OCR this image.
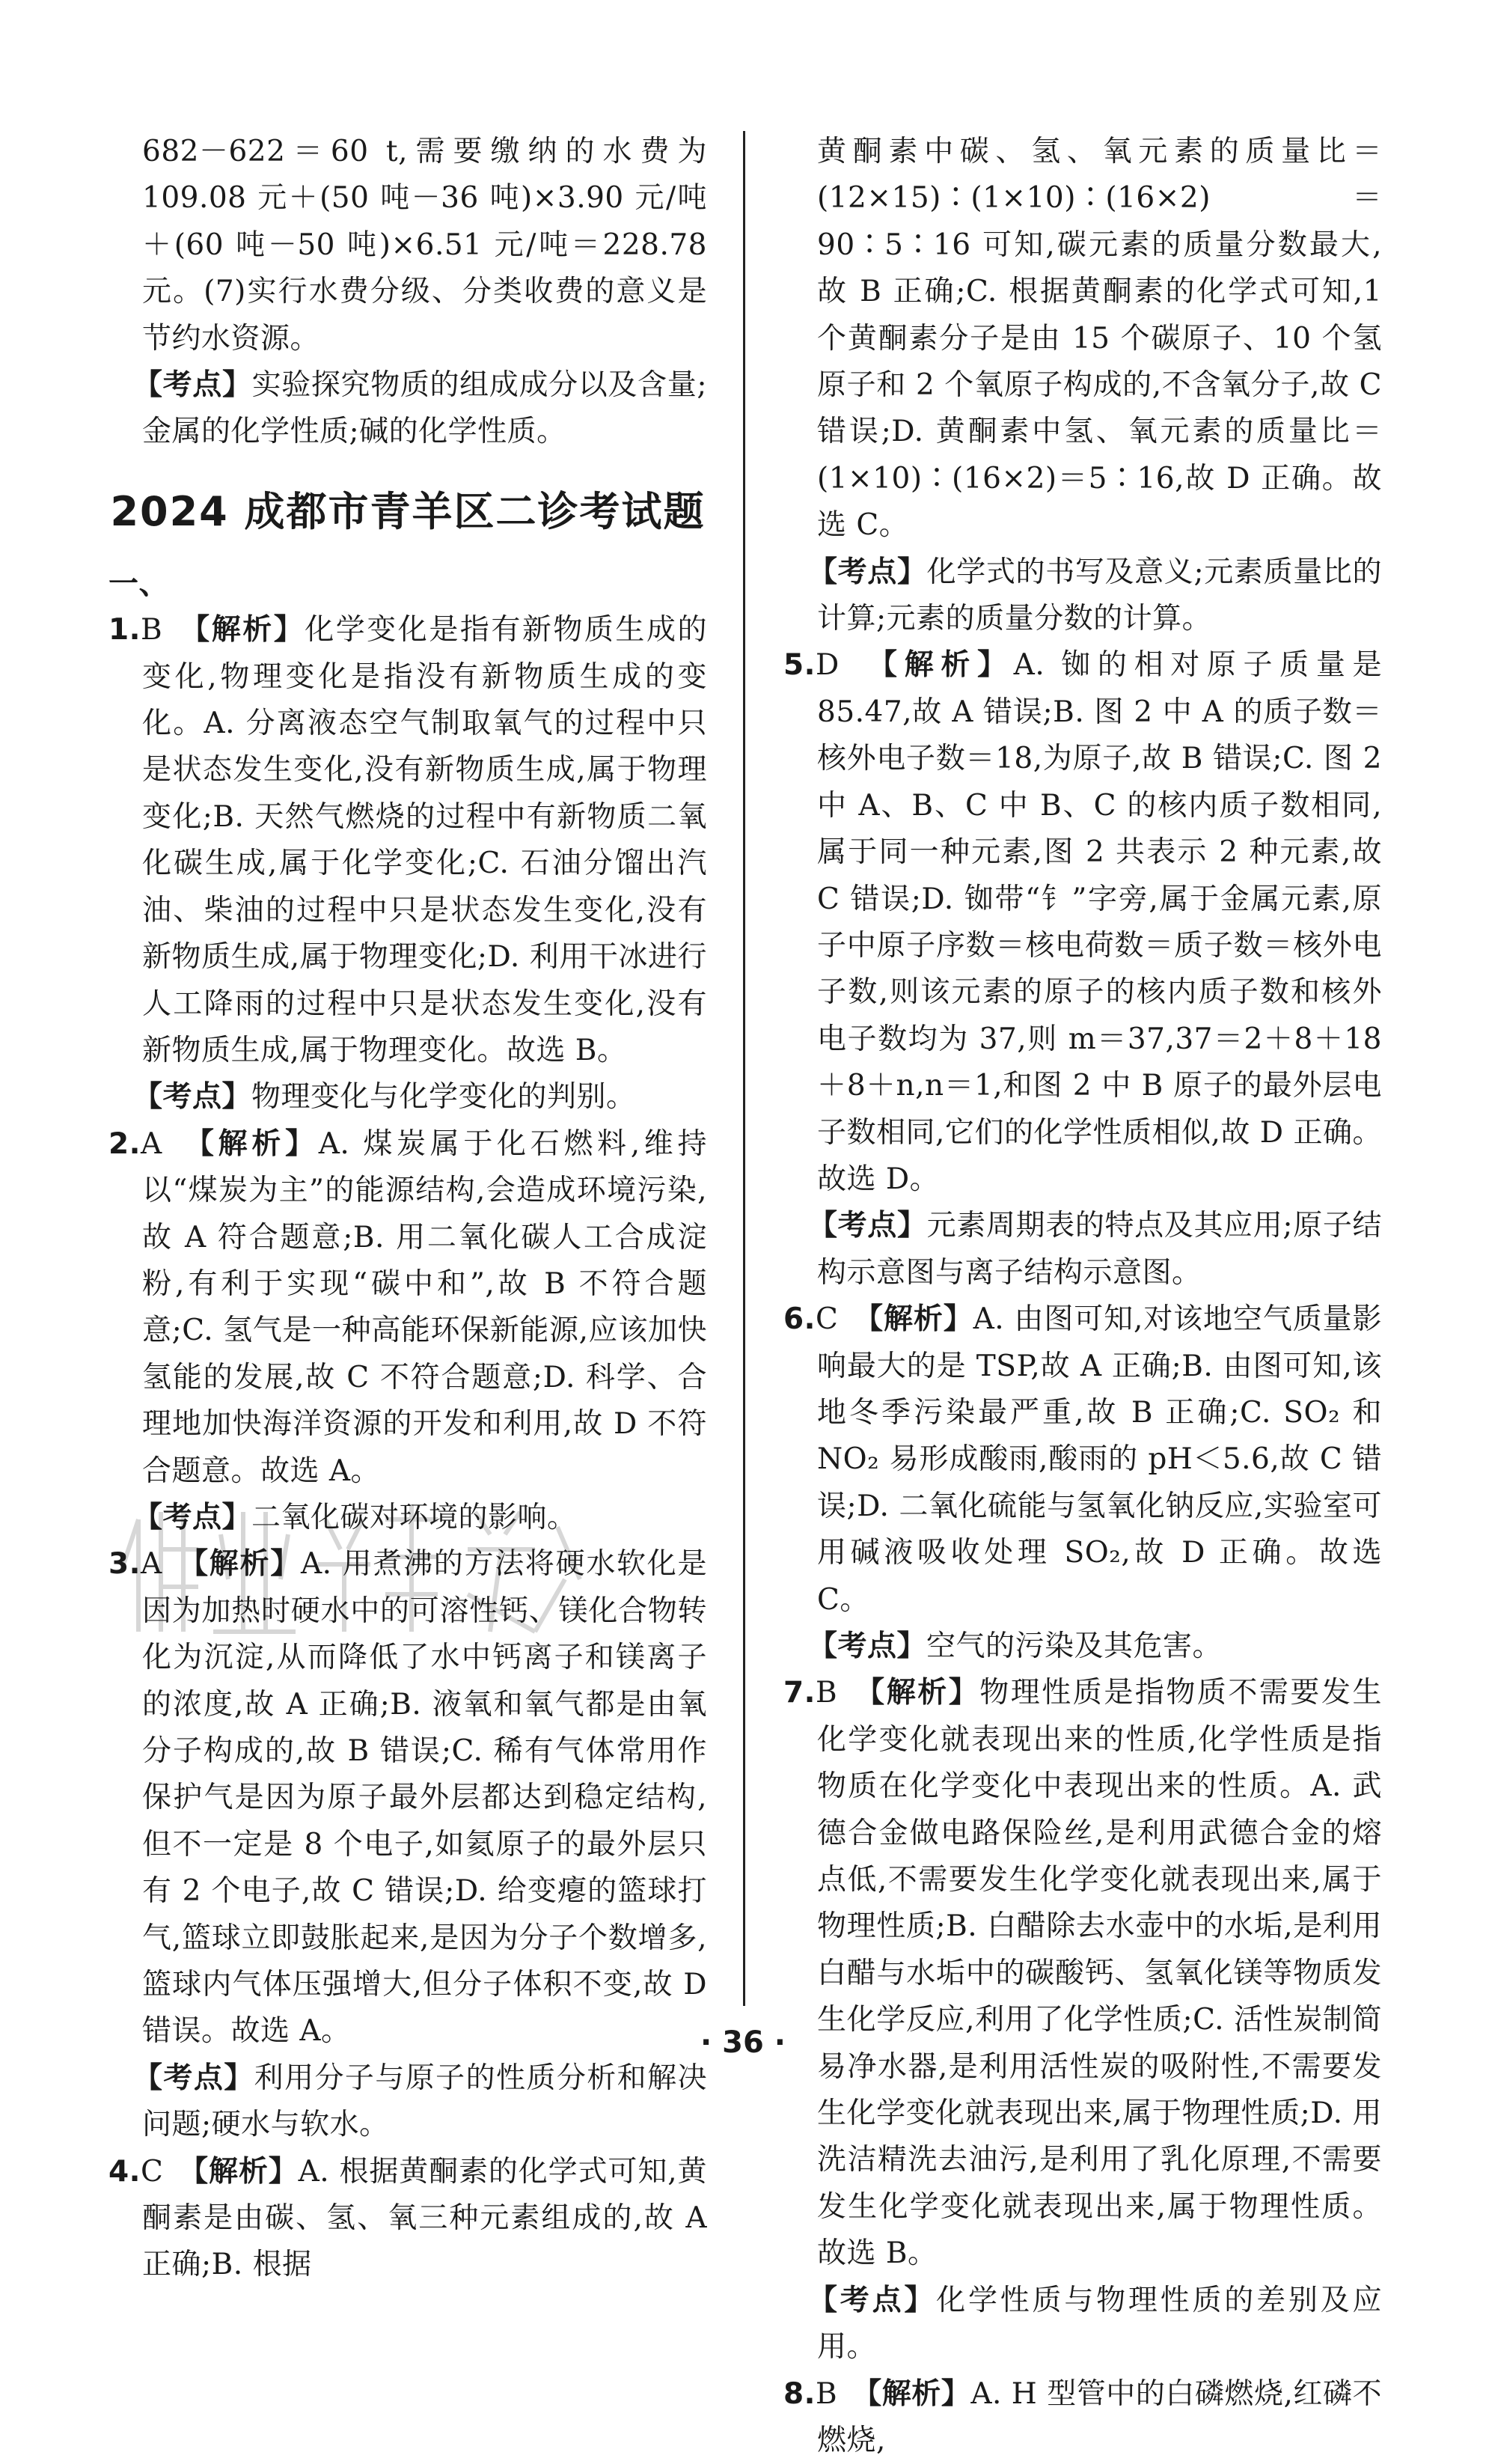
682－622＝60 t,需要缴纳的水费为 109.08 元＋(50 吨－36 吨)×3.90 元/吨＋(60 吨－50 吨)×6.51 元/吨＝228.78 元。(7)实行水费分级、分类收费的意义是节约水资源。

【考点】实验探究物质的组成成分以及含量;金属的化学性质;碱的化学性质。

2024 成都市青羊区二诊考试题

一、

1.B　 【解析】化学变化是指有新物质生成的变化,物理变化是指没有新物质生成的变化。A. 分离液态空气制取氧气的过程中只是状态发生变化,没有新物质生成,属于物理变化;B. 天然气燃烧的过程中有新物质二氧化碳生成,属于化学变化;C. 石油分馏出汽油、柴油的过程中只是状态发生变化,没有新物质生成,属于物理变化;D. 利用干冰进行人工降雨的过程中只是状态发生变化,没有新物质生成,属于物理变化。故选 B。

【考点】物理变化与化学变化的判别。

2.A　 【解析】A. 煤炭属于化石燃料,维持以“煤炭为主”的能源结构,会造成环境污染,故 A 符合题意;B. 用二氧化碳人工合成淀粉,有利于实现“碳中和”,故 B 不符合题意;C. 氢气是一种高能环保新能源,应该加快氢能的发展,故 C 不符合题意;D. 科学、合理地加快海洋资源的开发和利用,故 D 不符合题意。故选 A。

【考点】二氧化碳对环境的影响。

3.A　 【解析】A. 用煮沸的方法将硬水软化是因为加热时硬水中的可溶性钙、镁化合物转化为沉淀,从而降低了水中钙离子和镁离子的浓度,故 A 正确;B. 液氧和氧气都是由氧分子构成的,故 B 错误;C. 稀有气体常用作保护气是因为原子最外层都达到稳定结构,但不一定是 8 个电子,如氦原子的最外层只有 2 个电子,故 C 错误;D. 给变瘪的篮球打气,篮球立即鼓胀起来,是因为分子个数增多,篮球内气体压强增大,但分子体积不变,故 D 错误。故选 A。

【考点】利用分子与原子的性质分析和解决问题;硬水与软水。

4.C　 【解析】A. 根据黄酮素的化学式可知,黄酮素是由碳、氢、氧三种元素组成的,故 A 正确;B. 根据

黄酮素中碳、氢、氧元素的质量比＝(12×15)∶(1×10)∶(16×2)＝90∶5∶16 可知,碳元素的质量分数最大,故 B 正确;C. 根据黄酮素的化学式可知,1 个黄酮素分子是由 15 个碳原子、10 个氢原子和 2 个氧原子构成的,不含氧分子,故 C 错误;D. 黄酮素中氢、氧元素的质量比＝(1×10)∶(16×2)＝5∶16,故 D 正确。故选 C。

【考点】化学式的书写及意义;元素质量比的计算;元素的质量分数的计算。

5.D　 【解析】A. 铷的相对原子质量是 85.47,故 A 错误;B. 图 2 中 A 的质子数＝核外电子数＝18,为原子,故 B 错误;C. 图 2 中 A、B、C 中 B、C 的核内质子数相同,属于同一种元素,图 2 共表示 2 种元素,故 C 错误;D. 铷带“钅”字旁,属于金属元素,原子中原子序数＝核电荷数＝质子数＝核外电子数,则该元素的原子的核内质子数和核外电子数均为 37,则 m＝37,37＝2＋8＋18＋8＋n,n＝1,和图 2 中 B 原子的最外层电子数相同,它们的化学性质相似,故 D 正确。故选 D。

【考点】元素周期表的特点及其应用;原子结构示意图与离子结构示意图。

6.C　 【解析】A. 由图可知,对该地空气质量影响最大的是 TSP,故 A 正确;B. 由图可知,该地冬季污染最严重,故 B 正确;C. SO₂ 和 NO₂ 易形成酸雨,酸雨的 pH＜5.6,故 C 错误;D. 二氧化硫能与氢氧化钠反应,实验室可用碱液吸收处理 SO₂,故 D 正确。故选 C。

【考点】空气的污染及其危害。

7.B　 【解析】物理性质是指物质不需要发生化学变化就表现出来的性质,化学性质是指物质在化学变化中表现出来的性质。A. 武德合金做电路保险丝,是利用武德合金的熔点低,不需要发生化学变化就表现出来,属于物理性质;B. 白醋除去水壶中的水垢,是利用白醋与水垢中的碳酸钙、氢氧化镁等物质发生化学反应,利用了化学性质;C. 活性炭制简易净水器,是利用活性炭的吸附性,不需要发生化学变化就表现出来,属于物理性质;D. 用洗洁精洗去油污,是利用了乳化原理,不需要发生化学变化就表现出来,属于物理性质。故选 B。

【考点】化学性质与物理性质的差别及应用。

8.B　 【解析】A. H 型管中的白磷燃烧,红磷不燃烧,

· 36 ·
